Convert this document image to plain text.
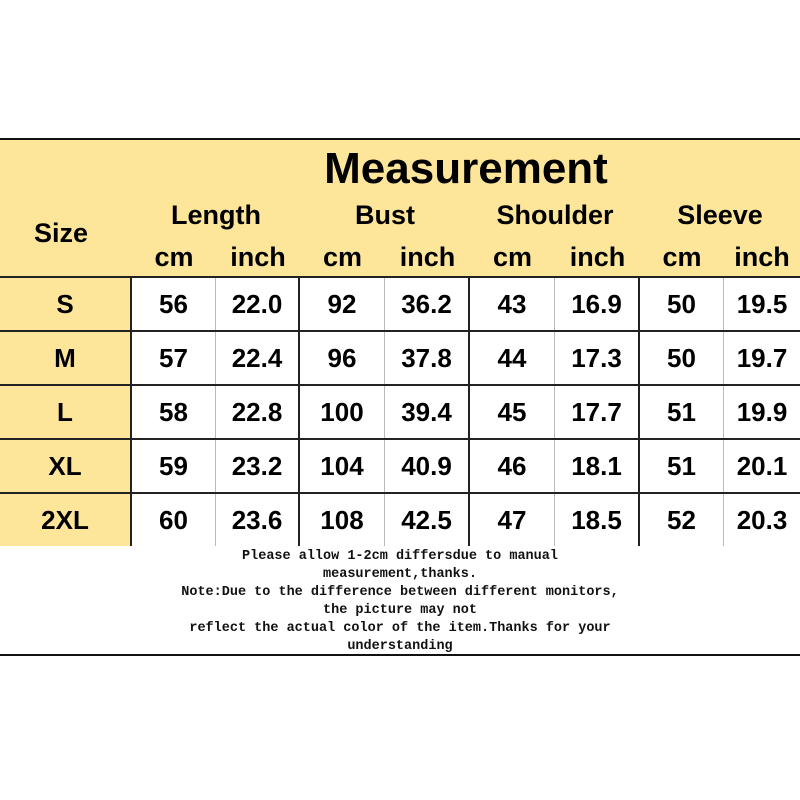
Measurement
Size
Length	Bust	Shoulder	Sleeve
cm	inch	cm	inch	cm	inch	cm	inch
S	56	22.0	92	36.2	43	16.9	50	19.5
M	57	22.4	96	37.8	44	17.3	50	19.7
L	58	22.8	100	39.4	45	17.7	51	19.9
XL	59	23.2	104	40.9	46	18.1	51	20.1
2XL	60	23.6	108	42.5	47	18.5	52	20.3
Please allow 1-2cm differsdue to manual
measurement,thanks.
Note:Due to the difference between different monitors,
the picture may not
reflect the actual color of the item.Thanks for your
understanding
